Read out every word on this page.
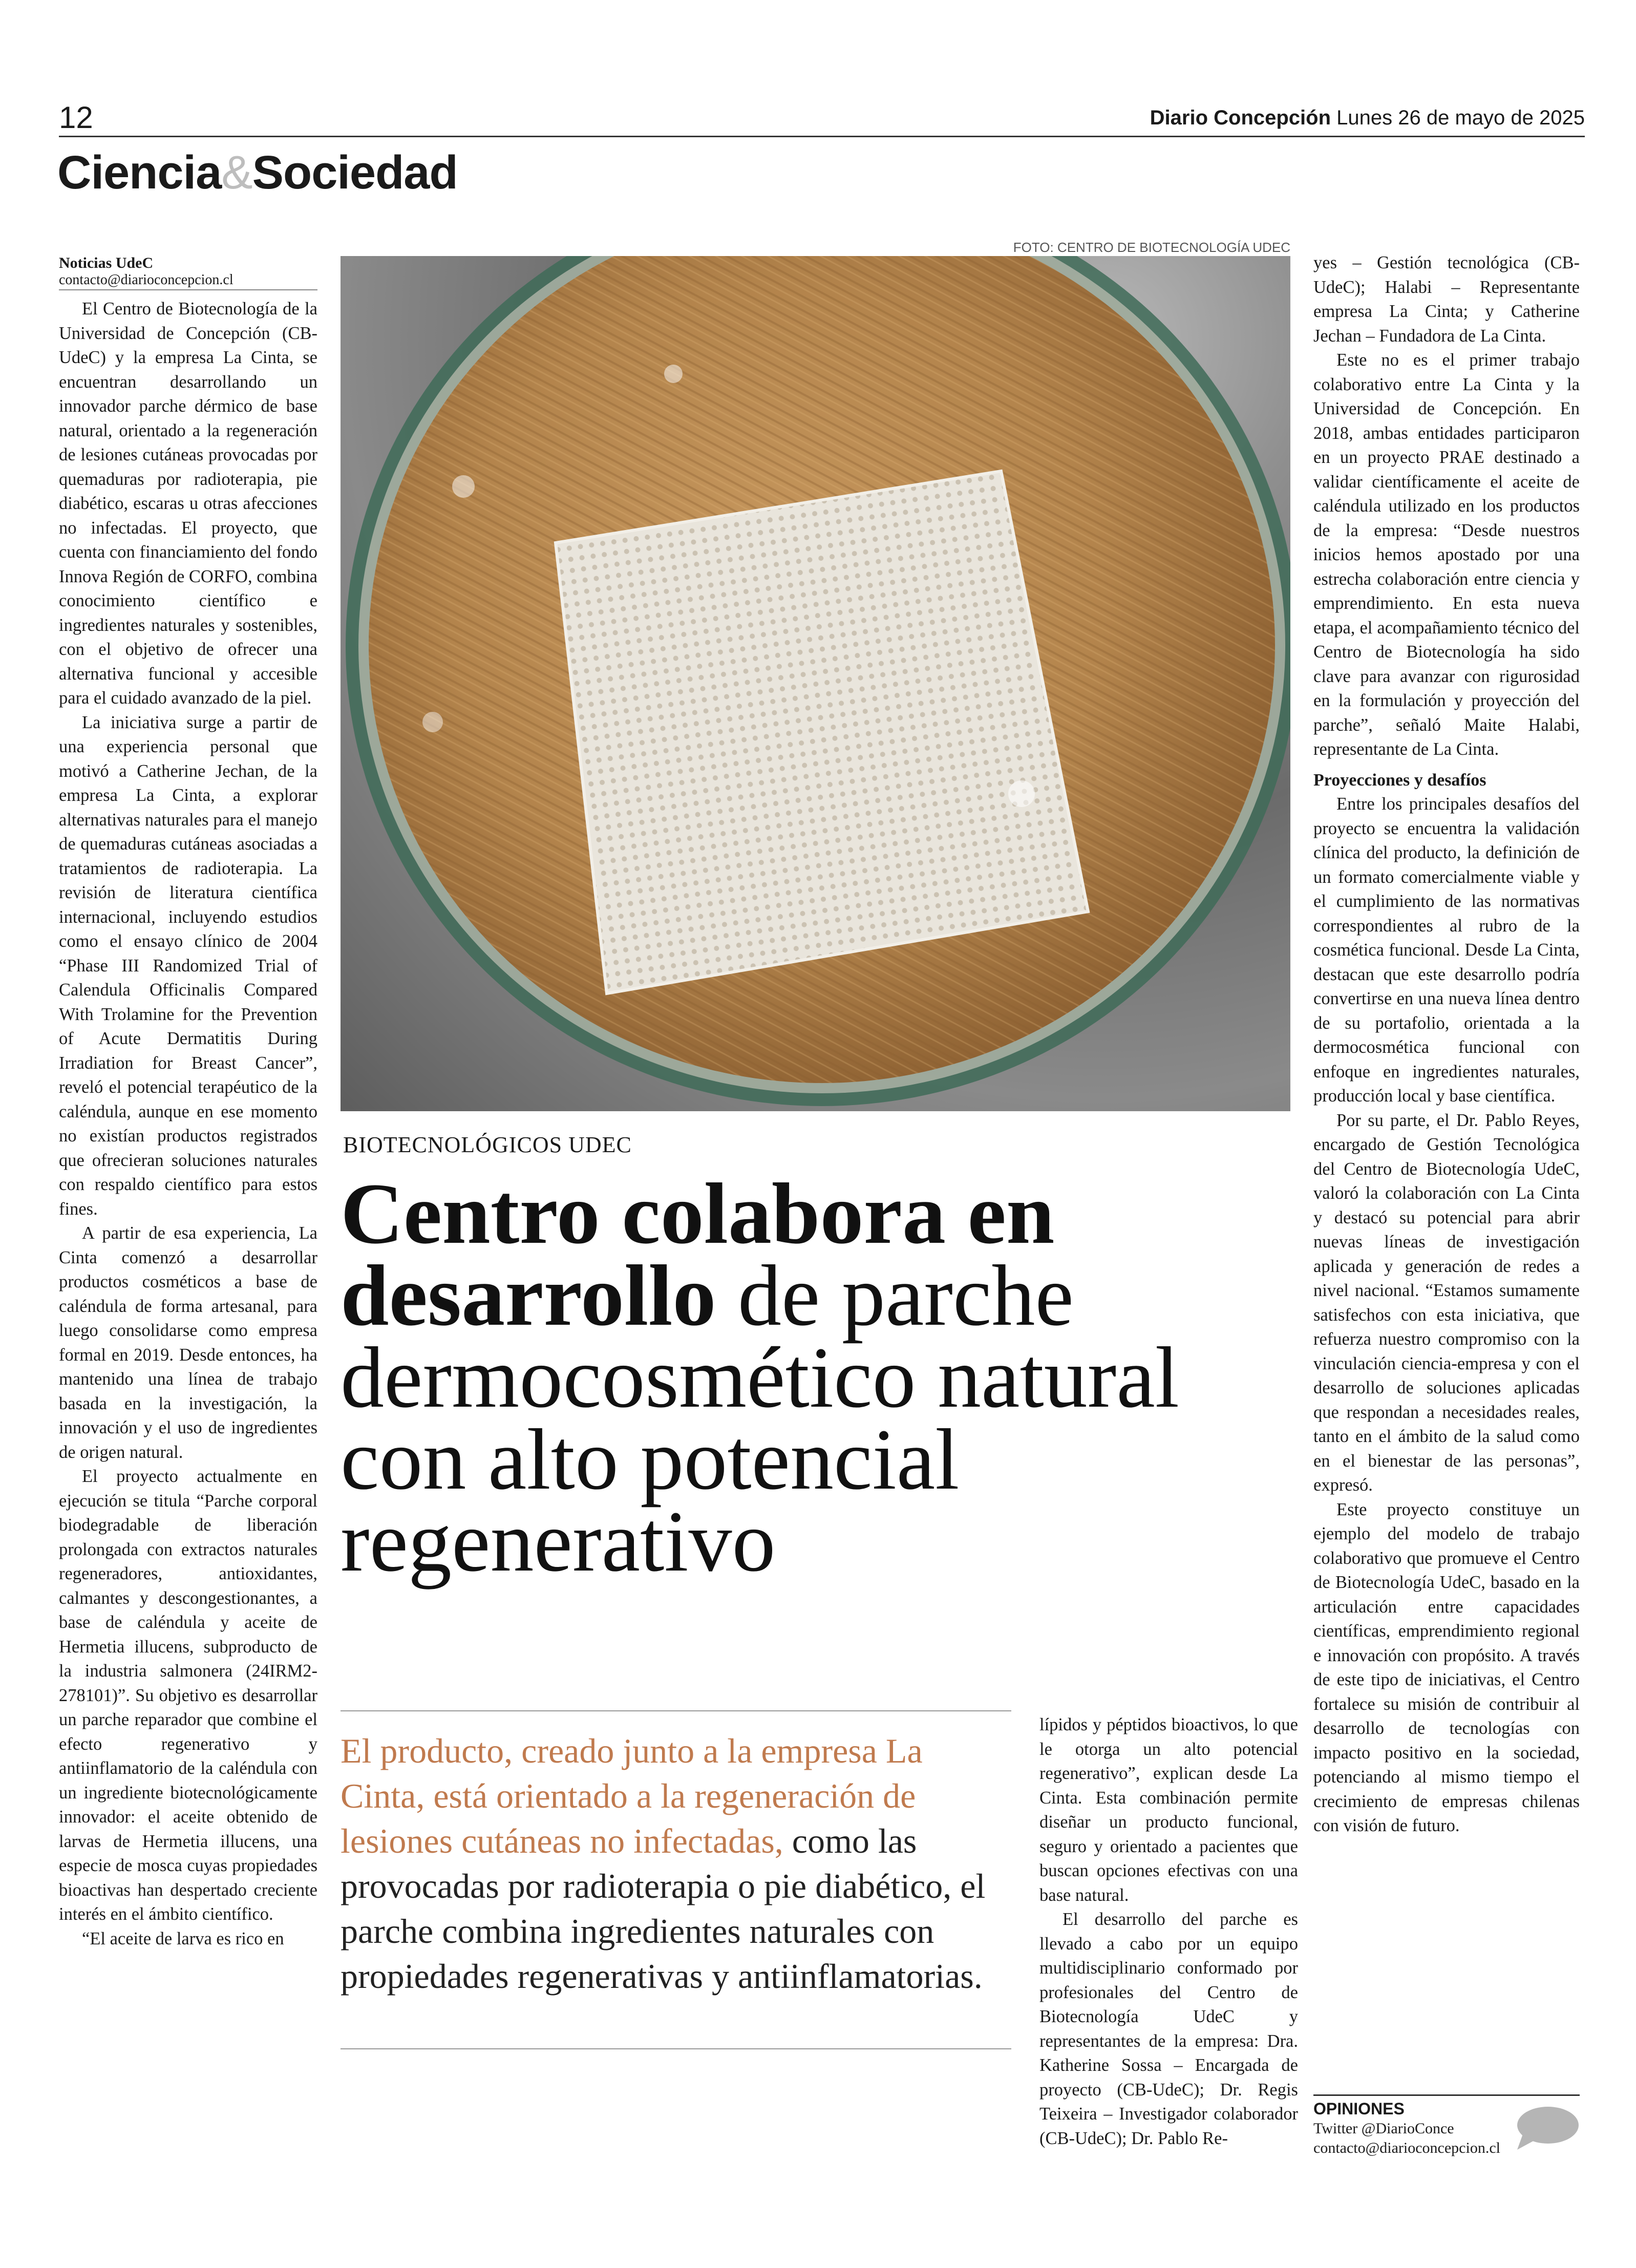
12	Diario Concepción Lunes 26 de mayo de 2025
Ciencia&Sociedad
Noticias UdeC
contacto@diarioconcepcion.cl

El Centro de Biotecnología de la Universidad de Concepción (CB-UdeC) y la empresa La Cinta, se encuentran desarrollando un innovador parche dérmico de base natural, orientado a la regeneración de lesiones cutáneas provocadas por quemaduras por radioterapia, pie diabético, escaras u otras afecciones no infectadas. El proyecto, que cuenta con financiamiento del fondo Innova Región de CORFO, combina conocimiento científico e ingredientes naturales y sostenibles, con el objetivo de ofrecer una alternativa funcional y accesible para el cuidado avanzado de la piel.

La iniciativa surge a partir de una experiencia personal que motivó a Catherine Jechan, de la empresa La Cinta, a explorar alternativas naturales para el manejo de quemaduras cutáneas asociadas a tratamientos de radioterapia. La revisión de literatura científica internacional, incluyendo estudios como el ensayo clínico de 2004 “Phase III Randomized Trial of Calendula Officinalis Compared With Trolamine for the Prevention of Acute Dermatitis During Irradiation for Breast Cancer”, reveló el potencial terapéutico de la caléndula, aunque en ese momento no existían productos registrados que ofrecieran soluciones naturales con respaldo científico para estos fines.

A partir de esa experiencia, La Cinta comenzó a desarrollar productos cosméticos a base de caléndula de forma artesanal, para luego consolidarse como empresa formal en 2019. Desde entonces, ha mantenido una línea de trabajo basada en la investigación, la innovación y el uso de ingredientes de origen natural.

El proyecto actualmente en ejecución se titula “Parche corporal biodegradable de liberación prolongada con extractos naturales regeneradores, antioxidantes, calmantes y descongestionantes, a base de caléndula y aceite de Hermetia illucens, subproducto de la industria salmonera (24IRM2-278101)”. Su objetivo es desarrollar un parche reparador que combine el efecto regenerativo y antiinflamatorio de la caléndula con un ingrediente biotecnológicamente innovador: el aceite obtenido de larvas de Hermetia illucens, una especie de mosca cuyas propiedades bioactivas han despertado creciente interés en el ámbito científico.

“El aceite de larva es rico en

FOTO: CENTRO DE BIOTECNOLOGÍA UDEC
BIOTECNOLÓGICOS UDEC
Centro colabora en desarrollo de parche dermocosmético natural con alto potencial regenerativo
El producto, creado junto a la empresa La Cinta, está orientado a la regeneración de lesiones cutáneas no infectadas, como las provocadas por radioterapia o pie diabético, el parche combina ingredientes naturales con propiedades regenerativas y antiinflamatorias.

lípidos y péptidos bioactivos, lo que le otorga un alto potencial regenerativo”, explican desde La Cinta. Esta combinación permite diseñar un producto funcional, seguro y orientado a pacientes que buscan opciones efectivas con una base natural.

El desarrollo del parche es llevado a cabo por un equipo multidisciplinario conformado por profesionales del Centro de Biotecnología UdeC y representantes de la empresa: Dra. Katherine Sossa – Encargada de proyecto (CB-UdeC); Dr. Regis Teixeira – Investigador colaborador (CB-UdeC); Dr. Pablo Re-

yes – Gestión tecnológica (CB-UdeC); Halabi – Representante empresa La Cinta; y Catherine Jechan – Fundadora de La Cinta.

Este no es el primer trabajo colaborativo entre La Cinta y la Universidad de Concepción. En 2018, ambas entidades participaron en un proyecto PRAE destinado a validar científicamente el aceite de caléndula utilizado en los productos de la empresa: “Desde nuestros inicios hemos apostado por una estrecha colaboración entre ciencia y emprendimiento. En esta nueva etapa, el acompañamiento técnico del Centro de Biotecnología ha sido clave para avanzar con rigurosidad en la formulación y proyección del parche”, señaló Maite Halabi, representante de La Cinta.

Proyecciones y desafíos

Entre los principales desafíos del proyecto se encuentra la validación clínica del producto, la definición de un formato comercialmente viable y el cumplimiento de las normativas correspondientes al rubro de la cosmética funcional. Desde La Cinta, destacan que este desarrollo podría convertirse en una nueva línea dentro de su portafolio, orientada a la dermocosmética funcional con enfoque en ingredientes naturales, producción local y base científica.

Por su parte, el Dr. Pablo Reyes, encargado de Gestión Tecnológica del Centro de Biotecnología UdeC, valoró la colaboración con La Cinta y destacó su potencial para abrir nuevas líneas de investigación aplicada y generación de redes a nivel nacional. “Estamos sumamente satisfechos con esta iniciativa, que refuerza nuestro compromiso con la vinculación ciencia-empresa y con el desarrollo de soluciones aplicadas que respondan a necesidades reales, tanto en el ámbito de la salud como en el bienestar de las personas”, expresó.

Este proyecto constituye un ejemplo del modelo de trabajo colaborativo que promueve el Centro de Biotecnología UdeC, basado en la articulación entre capacidades científicas, emprendimiento regional e innovación con propósito. A través de este tipo de iniciativas, el Centro fortalece su misión de contribuir al desarrollo de tecnologías con impacto positivo en la sociedad, potenciando al mismo tiempo el crecimiento de empresas chilenas con visión de futuro.

OPINIONES
Twitter @DiarioConce
contacto@diarioconcepcion.cl
